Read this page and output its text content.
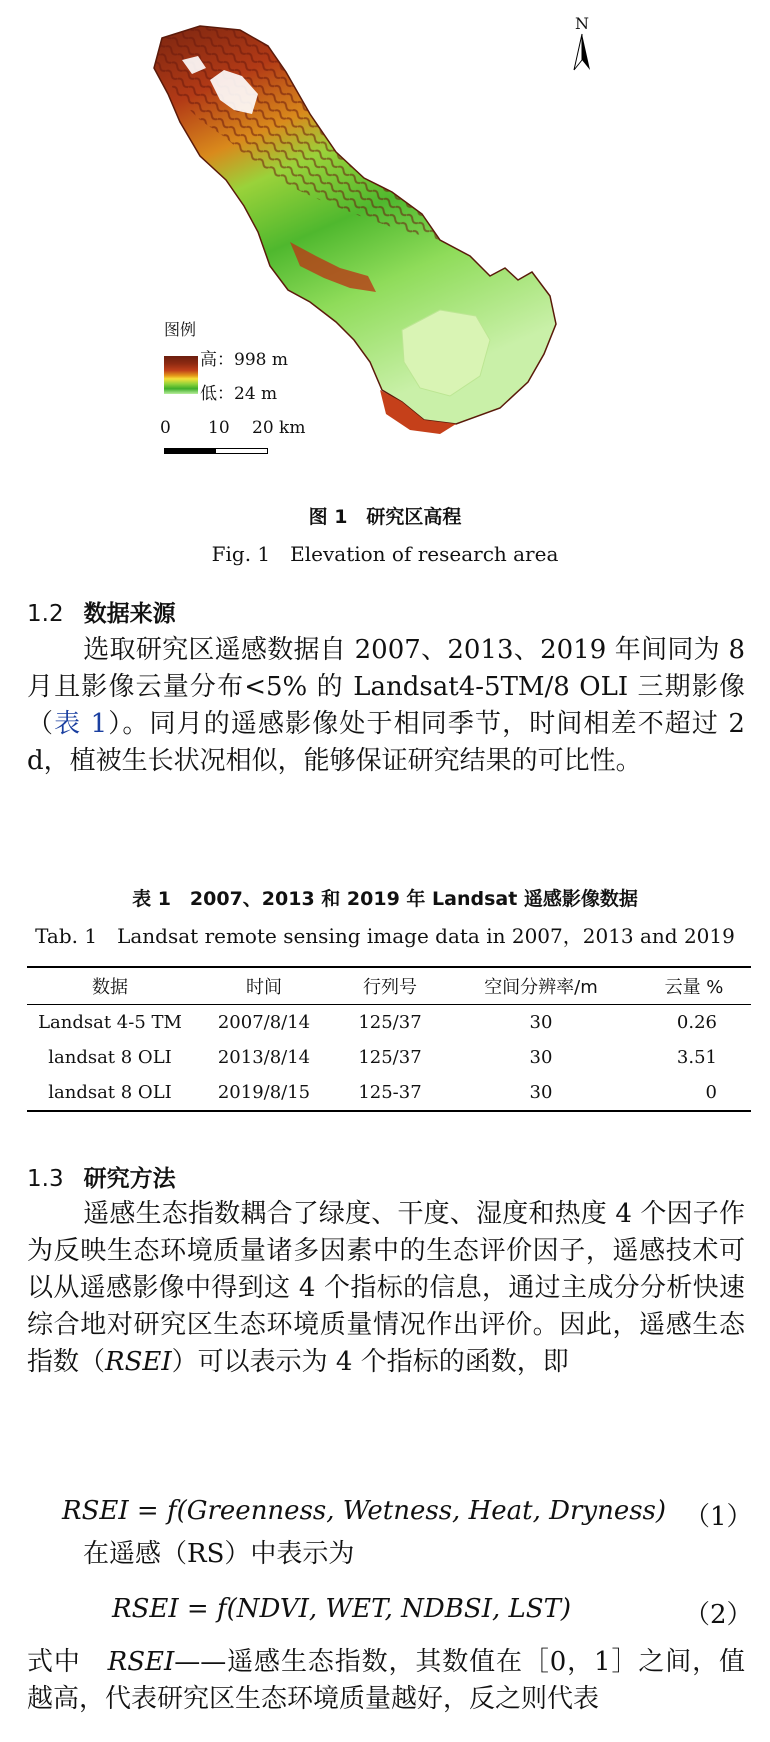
N
图例
高：998 m
低：24 m
0 10 20 km
图 1　研究区高程
Fig. 1　Elevation of research area
1.2 数据来源

选取研究区遥感数据自 2007、2013、2019 年间同为 8 月且影像云量分布<5% 的 Landsat4-5TM/8 OLI 三期影像（表 1）。同月的遥感影像处于相同季节，时间相差不超过 2 d，植被生长状况相似，能够保证研究结果的可比性。

表 1　2007、2013 和 2019 年 Landsat 遥感影像数据
Tab. 1　Landsat remote sensing image data in 2007，2013 and 2019
数据	时间	行列号	空间分辨率/m	云量 %
Landsat 4-5 TM	2007/8/14	125/37	30	0.26
landsat 8 OLI	2013/8/14	125/37	30	3.51
landsat 8 OLI	2019/8/15	125-37	30	0
1.3 研究方法

遥感生态指数耦合了绿度、干度、湿度和热度 4 个因子作为反映生态环境质量诸多因素中的生态评价因子，遥感技术可以从遥感影像中得到这 4 个指标的信息，通过主成分分析快速综合地对研究区生态环境质量情况作出评价。因此，遥感生态指数（RSEI）可以表示为 4 个指标的函数，即

RSEI = f(Greenness, Wetness, Heat, Dryness) （1）

在遥感（RS）中表示为

RSEI = f(NDVI, WET, NDBSI, LST)	（2）

式中　RSEI——遥感生态指数，其数值在［0，1］之间，值越高，代表研究区生态环境质量越好，反之则代表
